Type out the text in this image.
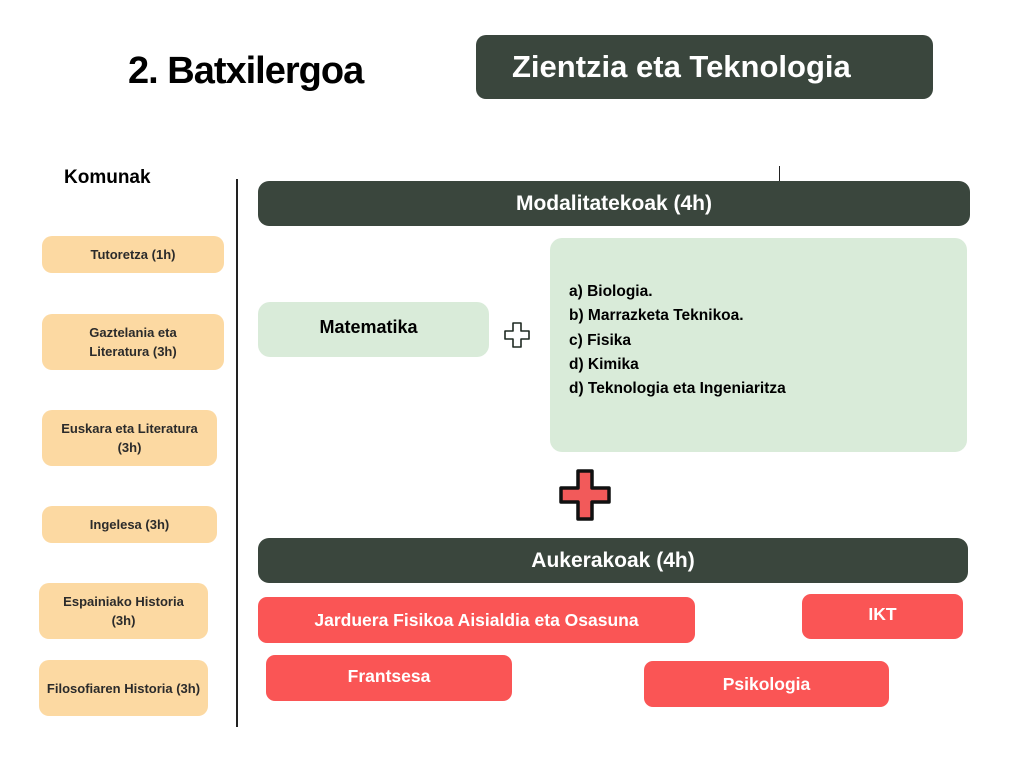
2. Batxilergoa	Zientzia eta Teknologia
Komunak
Tutoretza (1h)
Gaztelania eta Literatura (3h)
Euskara eta Literatura (3h)
Ingelesa (3h)
Espainiako Historia (3h)
Filosofiaren Historia (3h)
Modalitatekoak (4h)
Matematika
a) Biologia.
b) Marrazketa Teknikoa.
c) Fisika
d) Kimika
d) Teknologia eta Ingeniaritza
Aukerakoak (4h)
Jarduera Fisikoa Aisialdia eta Osasuna	IKT
Frantsesa	Psikologia
